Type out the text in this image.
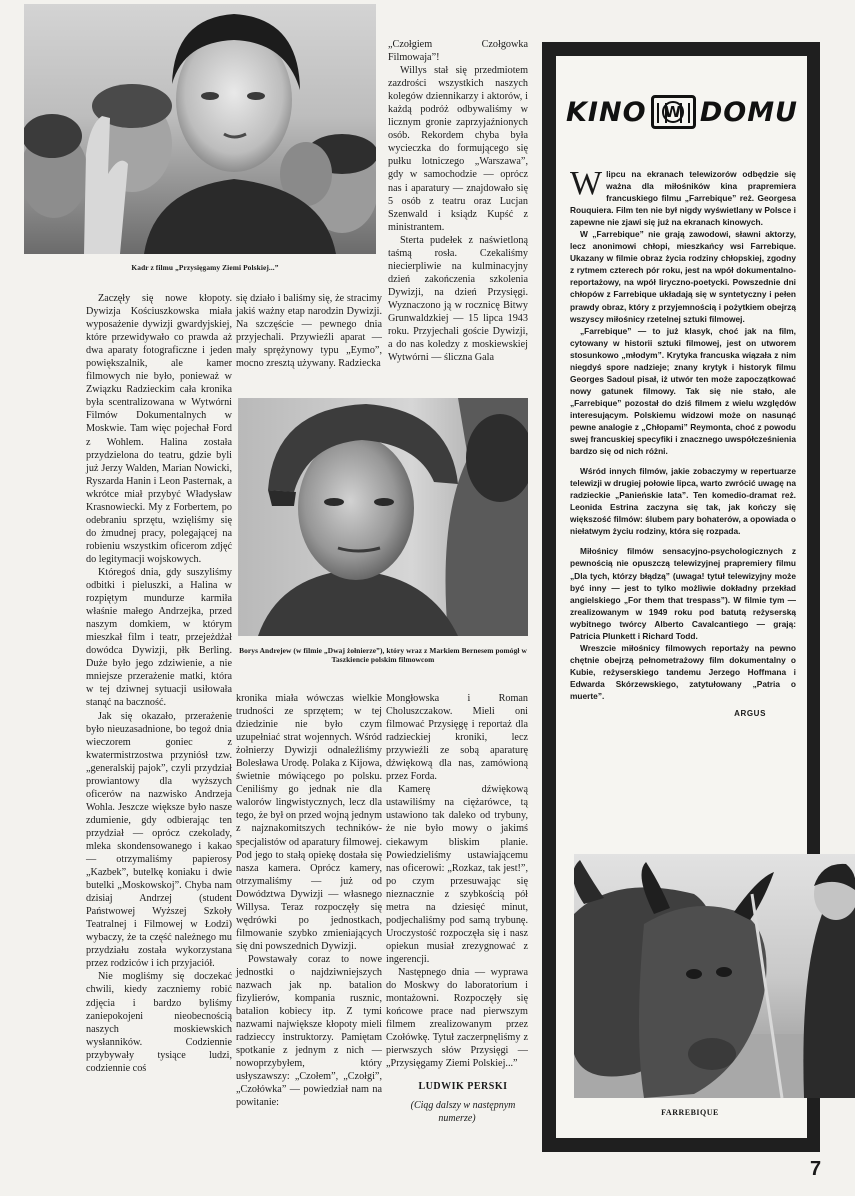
Kadr z filmu „Przysięgamy Ziemi Polskiej...”

Zaczęły się nowe kłopoty. Dywizja Kościuszkowska miała wyposażenie dywizji gwardyjskiej, które przewidywało co prawda aż dwa aparaty fotograficzne i jeden powiększalnik, ale kamer filmowych nie było, ponieważ w Związku Radzieckim cała kronika była scentralizowana w Wytwórni Filmów Dokumentalnych w Moskwie. Tam więc pojechał Ford z Wohlem. Halina została przydzielona do teatru, gdzie byli już Jerzy Walden, Marian Nowicki, Ryszarda Hanin i Leon Pasternak, a wkrótce miał przybyć Władysław Krasnowiecki. My z Forbertem, po odebraniu sprzętu, wzięliśmy się do żmudnej pracy, polegającej na robieniu wszystkim oficerom zdjęć do legitymacji wojskowych.

Któregoś dnia, gdy suszyliśmy odbitki i pieluszki, a Halina w rozpiętym mundurze karmiła właśnie małego Andrzejka, przed naszym domkiem, w którym mieszkał film i teatr, przejeżdżał dowódca Dywizji, płk Berling. Duże było jego zdziwienie, a nie mniejsze przerażenie matki, która w tej dziwnej sytuacji usiłowała stanąć na baczność.

Jak się okazało, przerażenie było nieuzasadnione, bo tegoż dnia wieczorem goniec z kwatermistrzostwa przyniósł tzw. „generalskij pajok”, czyli przydział prowiantowy dla wyższych oficerów na nazwisko Andrzeja Wohla. Jeszcze większe było nasze zdumienie, gdy odbierając ten przydział — oprócz czekolady, mleka skondensowanego i kakao — otrzymaliśmy papierosy „Kazbek”, butelkę koniaku i dwie butelki „Moskowskoj”. Chyba nam dzisiaj Andrzej (student Państwowej Wyższej Szkoły Teatralnej i Filmowej w Łodzi) wybaczy, że ta część należnego mu przydziału została wykorzystana przez rodziców i ich przyjaciół.

Nie mogliśmy się doczekać chwili, kiedy zaczniemy robić zdjęcia i bardzo byliśmy zaniepokojeni nieobecnością naszych moskiewskich wysłanników. Codziennie przybywały tysiące ludzi, codziennie coś

się działo i baliśmy się, że stracimy jakiś ważny etap narodzin Dywizji. Na szczęście — pewnego dnia przyjechali. Przywieźli aparat — mały sprężynowy typu „Eymo”, mocno zresztą używany. Radziecka

„Czołgiem Czołgowka Filmowaja”!

Willys stał się przedmiotem zazdrości wszystkich naszych kolegów dziennikarzy i aktorów, i każdą podróż odbywaliśmy w licznym gronie zaprzyjaźnionych osób. Rekordem chyba była wycieczka do formującego się pułku lotniczego „Warszawa”, gdy w samochodzie — oprócz nas i aparatury — znajdowało się 5 osób z teatru oraz Lucjan Szenwald i ksiądz Kupść z ministrantem.

Sterta pudełek z naświetloną taśmą rosła. Czekaliśmy niecierpliwie na kulminacyjny dzień zakończenia szkolenia Dywizji, na dzień Przysięgi. Wyznaczono ją w rocznicę Bitwy Grunwaldzkiej — 15 lipca 1943 roku. Przyjechali goście Dywizji, a do nas koledzy z moskiewskiej Wytwórni — śliczna Gala

Borys Andrejew (w filmie „Dwaj żołnierze”), który wraz z Markiem Bernesem pomógł w Taszkiencie polskim filmowcom

kronika miała wówczas wielkie trudności ze sprzętem; w tej dziedzinie nie było czym uzupełniać strat wojennych. Wśród żołnierzy Dywizji odnaleźliśmy Bolesława Urodę. Polaka z Kijowa, świetnie mówiącego po polsku. Ceniliśmy go jednak nie dla walorów lingwistycznych, lecz dla tego, że był on przed wojną jednym z najznakomitszych techników-specjalistów od aparatury filmowej. Pod jego to stałą opiekę dostała się nasza kamera. Oprócz kamery, otrzymaliśmy — już od Dowództwa Dywizji — własnego Willysa. Teraz rozpoczęły się wędrówki po jednostkach, filmowanie szybko zmieniających się dni powszednich Dywizji.

Powstawały coraz to nowe jednostki o najdziwniejszych nazwach jak np. batalion fizylierów, kompania rusznic, batalion kobiecy itp. Z tymi nazwami największe kłopoty mieli radzieccy instruktorzy. Pamiętam spotkanie z jednym z nich — nowoprzybyłem, który usłyszawszy: „Czołem”, „Czołgi”, „Czołówka” — powiedział nam na powitanie:

Mongłowska i Roman Choluszczakow. Mieli oni filmować Przysięgę i reportaż dla radzieckiej kroniki, lecz przywieźli ze sobą aparaturę dźwiękową dla nas, zamówioną przez Forda.

Kamerę dźwiękową ustawiliśmy na ciężarówce, tą ustawiono tak daleko od trybuny, że nie było mowy o jakimś ciekawym bliskim planie. Powiedzieliśmy ustawiającemu nas oficerowi: „Rozkaz, tak jest!”, po czym przesuwając się nieznacznie z szybkością pół metra na dziesięć minut, podjechaliśmy pod samą trybunę. Uroczystość rozpoczęła się i nasz opiekun musiał zrezygnować z ingerencji.

Następnego dnia — wyprawa do Moskwy do laboratorium i montażowni. Rozpoczęły się końcowe prace nad pierwszym filmem zrealizowanym przez Czołówkę. Tytuł zaczerpnęliśmy z pierwszych słów Przysięgi — „Przysięgamy Ziemi Polskiej...”

LUDWIK PERSKI

(Ciąg dalszy w następnym numerze)

KINO W DOMU

Wlipcu na ekranach telewizorów odbędzie się ważna dla miłośników kina prapremiera francuskiego filmu „Farrebique” reż. Georgesa Rouquiera. Film ten nie był nigdy wyświetlany w Polsce i zapewne nie zjawi się już na ekranach kinowych.

W „Farrebique” nie grają zawodowi, sławni aktorzy, lecz anonimowi chłopi, mieszkańcy wsi Farrebique. Ukazany w filmie obraz życia rodziny chłopskiej, zgodny z rytmem czterech pór roku, jest na wpół dokumentalno-reportażowy, na wpół liryczno-poetycki. Powszednie dni chłopów z Farrebique układają się w syntetyczny i pełen prawdy obraz, który z przyjemnością i pożytkiem obejrzą wszyscy miłośnicy rzetelnej sztuki filmowej.

„Farrebique” — to już klasyk, choć jak na film, cytowany w historii sztuki filmowej, jest on utworem stosunkowo „młodym”. Krytyka francuska wiązała z nim niegdyś spore nadzieje; znany krytyk i historyk filmu Georges Sadoul pisał, iż utwór ten może zapoczątkować nowy gatunek filmowy. Tak się nie stało, ale „Farrebique” pozostał do dziś filmem z wielu względów interesującym. Polskiemu widzowi może on nasunąć pewne analogie z „Chłopami” Reymonta, choć z powodu swej francuskiej specyfiki i znacznego uwspółcześnienia bardzo się od nich różni.

Wśród innych filmów, jakie zobaczymy w repertuarze telewizji w drugiej połowie lipca, warto zwrócić uwagę na radzieckie „Panieńskie lata”. Ten komedio-dramat reż. Leonida Estrina zaczyna się tak, jak kończy się większość filmów: ślubem pary bohaterów, a opowiada o niełatwym życiu rodziny, która się rozpada.

Miłośnicy filmów sensacyjno-psychologicznych z pewnością nie opuszczą telewizyjnej prapremiery filmu „Dla tych, którzy błądzą” (uwaga! tytuł telewizyjny może być inny — jest to tylko możliwie dokładny przekład angielskiego „For them that trespass”). W filmie tym — zrealizowanym w 1949 roku pod batutą reżyserską wybitnego twórcy Alberto Cavalcantiego — grają: Patricia Plunkett i Richard Todd.

Wreszcie miłośnicy filmowych reportaży na pewno chętnie obejrzą pełnometrażowy film dokumentalny o Kubie, reżyserskiego tandemu Jerzego Hoffmana i Edwarda Skórzewskiego, zatytułowany „Patria o muerte”.

ARGUS

FARREBIQUE
7
